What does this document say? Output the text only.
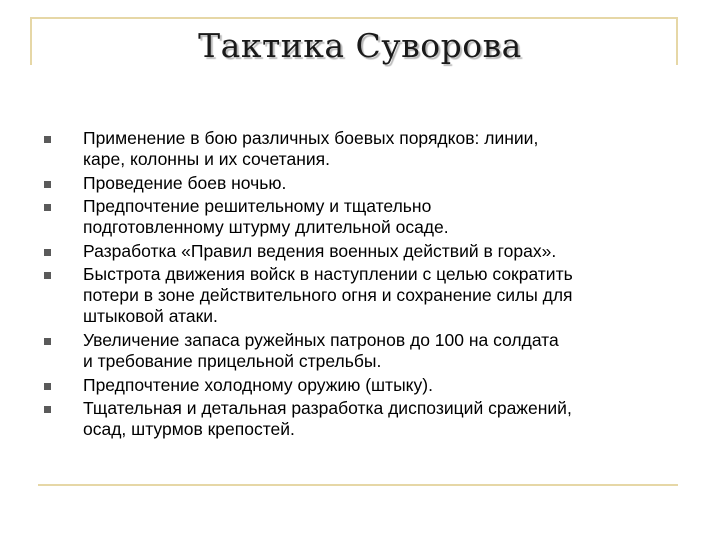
Тактика Суворова
Применение в бою различных боевых порядков: линии,
каре, колонны и их сочетания.
Проведение боев ночью.
Предпочтение решительному и тщательно
подготовленному штурму длительной осаде.
Разработка «Правил ведения военных действий в горах».
Быстрота движения войск в наступлении с целью сократить
потери в зоне действительного огня и сохранение силы для
штыковой атаки.
Увеличение запаса ружейных патронов до 100 на солдата
и требование прицельной стрельбы.
Предпочтение холодному оружию (штыку).
Тщательная и детальная разработка диспозиций сражений,
осад, штурмов крепостей.
